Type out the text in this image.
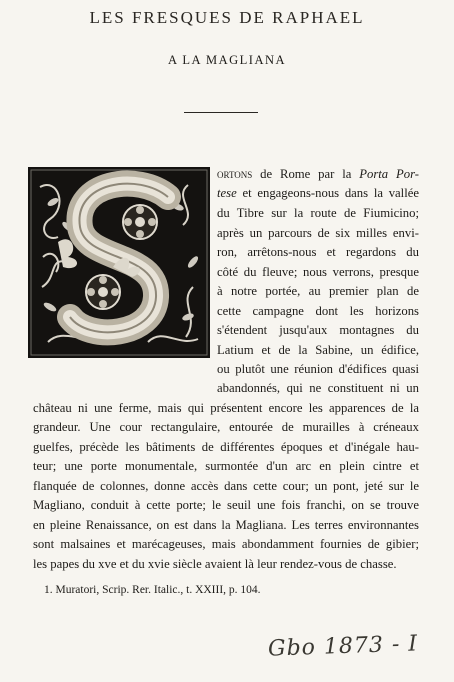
LES FRESQUES DE RAPHAEL
A LA MAGLIANA
ortons de Rome par la Porta Por-
tese et engageons-nous dans la vallée
du Tibre sur la route de Fiumicino;
après un parcours de six milles envi-
ron, arrêtons-nous et regardons du
côté du fleuve; nous verrons, presque
à notre portée, au premier plan de
cette campagne dont les horizons
s'étendent jusqu'aux montagnes du
Latium et de la Sabine, un édifice,
ou plutôt une réunion d'édifices quasi
abandonnés, qui ne constituent ni un
château ni une ferme, mais qui présentent encore les apparences de la
grandeur. Une cour rectangulaire, entourée de murailles à créneaux
guelfes, précède les bâtiments de différentes époques et d'inégale hau-
teur; une porte monumentale, surmontée d'un arc en plein cintre et
flanquée de colonnes, donne accès dans cette cour; un pont, jeté sur le
Magliano, conduit à cette porte; le seuil une fois franchi, on se trouve
en pleine Renaissance, on est dans la Magliana. Les terres environnantes
sont malsaines et marécageuses, mais abondamment fournies de gibier;
les papes du xve et du xvie siècle avaient là leur rendez-vous de chasse.
1. Muratori, Scrip. Rer. Italic., t. XXIII, p. 104.
Gbo 1873 - I
